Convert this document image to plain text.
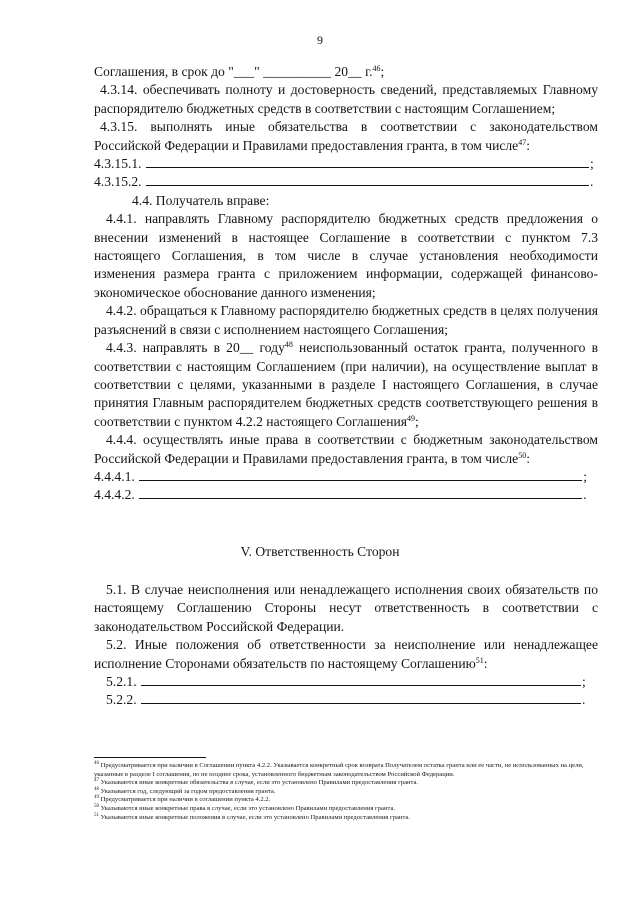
9

Соглашения, в срок до "___" __________ 20__ г.$^{46}$;

4.3.14. обеспечивать полноту и достоверность сведений, представляемых Главному распорядителю бюджетных средств в соответствии с настоящим Соглашением;

4.3.15. выполнять иные обязательства в соответствии с законодательством Российской Федерации и Правилами предоставления гранта, в том числе$^{47}$:

4.3.15.1.	;

4.3.15.2.	.

4.4. Получатель вправе:

4.4.1. направлять Главному распорядителю бюджетных средств предложения о внесении изменений в настоящее Соглашение в соответствии с пунктом 7.3 настоящего Соглашения, в том числе в случае установления необходимости изменения размера гранта с приложением информации, содержащей финансово-экономическое обоснование данного изменения;

4.4.2. обращаться к Главному распорядителю бюджетных средств в целях получения разъяснений в связи с исполнением настоящего Соглашения;

4.4.3. направлять в 20__ году$^{48}$ неиспользованный остаток гранта, полученного в соответствии с настоящим Соглашением (при наличии), на осуществление выплат в соответствии с целями, указанными в разделе I настоящего Соглашения, в случае принятия Главным распорядителем бюджетных средств соответствующего решения в соответствии с пунктом 4.2.2 настоящего Соглашения$^{49}$;

4.4.4. осуществлять иные права в соответствии с бюджетным законодательством Российской Федерации и Правилами предоставления гранта, в том числе$^{50}$:

4.4.4.1.	;

4.4.4.2.	.

V. Ответственность Сторон

5.1. В случае неисполнения или ненадлежащего исполнения своих обязательств по настоящему Соглашению Стороны несут ответственность в соответствии с законодательством Российской Федерации.

5.2. Иные положения об ответственности за неисполнение или ненадлежащее исполнение Сторонами обязательств по настоящему Соглашению$^{51}$:

5.2.1.	;

5.2.2.	.

$^{46}$ Предусматривается при наличии в Соглашении пункта 4.2.2. Указывается конкретный срок возврата Получателем остатка гранта или ее части, не использованных на цели, указанные в разделе I соглашения, но не позднее срока, установленного бюджетным законодательством Российской Федерации.

$^{47}$ Указываются иные конкретные обязательства в случае, если это установлено Правилами предоставления гранта.

$^{48}$ Указывается год, следующий за годом предоставления гранта.

$^{49}$ Предусматривается при наличии в соглашении пункта 4.2.2.

$^{50}$ Указываются иные конкретные права в случае, если это установлено Правилами предоставления гранта.

$^{51}$ Указываются иные конкретные положения в случае, если это установлено Правилами предоставления гранта.
